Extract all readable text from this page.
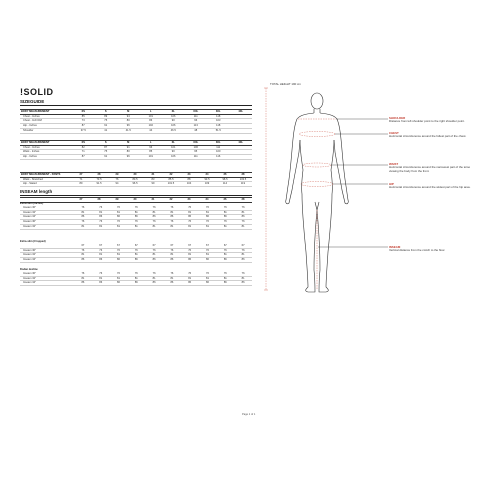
!SOLID
SIZEGUIDE
BODY MEASUREMENT	XS	S	M	L	XL	XXL	3XL	4XL
Chest - Inches	85	89	94	101	106	111	118	
Chest - Inch/CM	73	75	80	86	90	96	103	
Hip - Inches	87	91	96	102	106	113	118	
Shoulder	37.5	41	41.5	44	46.5	48	51.5	
BODY MEASUREMENT	XS	S	M	L	XL	XXL	3XL	4XL
Chest - Inches	82	87	91	96	101	106	111	
Waist - Inches	71	75	80	85	90	95	100	
Hip - Inches	87	91	96	101	106	111	116	
BODY MEASUREMENT - PANTS	27	28	29	30	31	32	33	34	36	38
Waist - Stretched	71	73.5	76	80.5	83	85.5	88	93.5	98.5	103.5
Hip - Stated	89	91.5	94	96.5	99	101.5	104	109	114	119
INSEAM length
	27	28	29	30	31	32	33	34	36	38
Extra-slim (Inches)
Inseam 30"	76	76	76	76	76	76	76	76	76	76
Inseam 32"	81	81	81	81	81	81	81	81	81	81
Inseam 34"	86	86	86	86	86	86	86	86	86	86
Inseam 30"	76	76	76	76	76	76	76	76	76	76
Inseam 32"	81	81	81	81	81	81	81	81	81	81
Extra-slim (Cropped)
	67	67	67	67	67	67	67	67	67	67
Inseam 30"	76	76	76	76	76	76	76	76	76	76
Inseam 32"	81	81	81	81	81	81	81	81	81	81
Inseam 34"	86	86	86	86	86	86	86	86	86	86
Dodan decline
Inseam 30"	76	76	76	76	76	76	76	76	76	76
Inseam 32"	81	81	81	81	81	81	81	81	81	81
Inseam 34"	86	86	86	86	86	86	86	86	86	86
TOTAL HEIGHT 190 cm
SHOULDER
Distance from left shoulder point to the right shoulder point.
CHEST
Horizontal circumference around the fullest part of the chest.
WAIST
Horizontal circumference around the narrowest part of the torso viewing the body from the front.
HIP
Horizontal circumference around the widest part of the hip area.
INSEAM
Vertical distance from the crotch to the floor.
Page 1 of 1
